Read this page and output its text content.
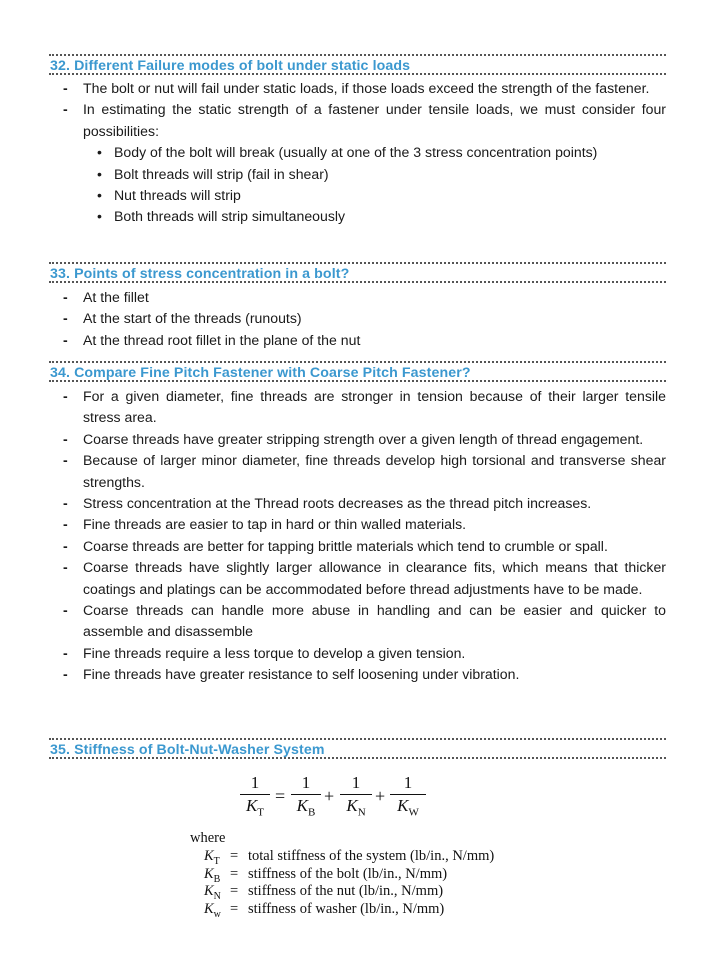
32. Different Failure modes of bolt under static loads
- The bolt or nut will fail under static loads, if those loads exceed the strength of the fastener.
- In estimating the static strength of a fastener under tensile loads, we must consider four possibilities:
• Body of the bolt will break (usually at one of the 3 stress concentration points)
• Bolt threads will strip (fail in shear)
• Nut threads will strip
• Both threads will strip simultaneously
33. Points of stress concentration in a bolt?
- At the fillet
- At the start of the threads (runouts)
- At the thread root fillet in the plane of the nut
34. Compare Fine Pitch Fastener with Coarse Pitch Fastener?
- For a given diameter, fine threads are stronger in tension because of their larger tensile stress area.
- Coarse threads have greater stripping strength over a given length of thread engagement.
- Because of larger minor diameter, fine threads develop high torsional and transverse shear strengths.
- Stress concentration at the Thread roots decreases as the thread pitch increases.
- Fine threads are easier to tap in hard or thin walled materials.
- Coarse threads are better for tapping brittle materials which tend to crumble or spall.
- Coarse threads have slightly larger allowance in clearance fits, which means that thicker coatings and platings can be accommodated before thread adjustments have to be made.
- Coarse threads can handle more abuse in handling and can be easier and quicker to assemble and disassemble
- Fine threads require a less torque to develop a given tension.
- Fine threads have greater resistance to self loosening under vibration.
35. Stiffness of Bolt-Nut-Washer System
1
$K_T$
=
1
$K_B$
+
1
$K_N$
+
1
$K_W$
where
$K_T$ = total stiffness of the system (lb/in., N/mm)
$K_B$ = stiffness of the bolt (lb/in., N/mm)
$K_N$ = stiffness of the nut (lb/in., N/mm)
$K_w$ = stiffness of washer (lb/in., N/mm)
